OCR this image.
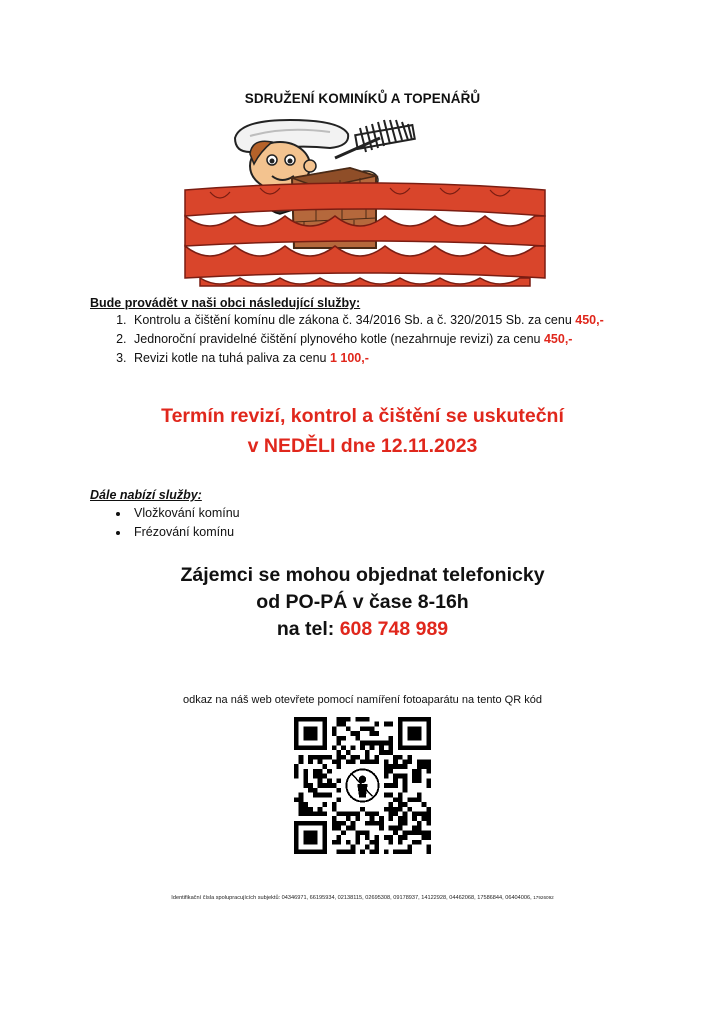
SDRUŽENÍ KOMINÍKŮ A TOPENÁŘŮ
Bude provádět v naši obci následující služby:
1. Kontrolu a čištění komínu dle zákona č. 34/2016 Sb. a č. 320/2015 Sb. za cenu 450,-
2. Jednoroční pravidelné čištění plynového kotle (nezahrnuje revizi) za cenu 450,-
3. Revizi kotle na tuhá paliva za cenu 1 100,-
Termín revizí, kontrol a čištění se uskuteční
v NEDĚLI dne 12.11.2023
Dále nabízí služby:
• Vložkování komínu
• Frézování komínu
Zájemci se mohou objednat telefonicky
od PO-PÁ v čase 8-16h
na tel: 608 748 989
odkaz na náš web otevřete pomocí namíření fotoaparátu na tento QR kód
Identifikační čísla spolupracujících subjektů: 04346971, 66195934, 02138115, 02695308, 09178937, 14122928, 04462068, 17586844, 06404006, 17926092
